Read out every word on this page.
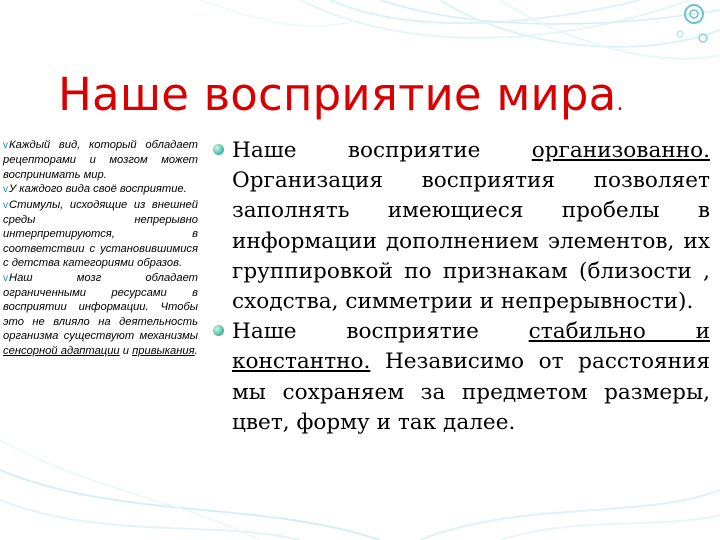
Наше восприятие мира.

vКаждый вид, который обладает рецепторами и мозгом может воспринимать мир.

vУ каждого вида своё восприятие.

vСтимулы, исходящие из внешней среды непрерывно интерпретируются, в соответствии с установившимися с детства категориями образов.

vНаш мозг обладает ограниченными ресурсами в восприятии информации. Чтобы это не влияло на деятельность организма существуют механизмы сенсорной адаптации и привыкания.

Наше восприятие организованно. Организация восприятия позволяет заполнять имеющиеся пробелы в информации дополнением элементов, их группировкой по признакам (близости , сходства, симметрии и непрерывности).

Наше восприятие стабильно и константно. Независимо от расстояния мы сохраняем за предметом размеры, цвет, форму и так далее.
